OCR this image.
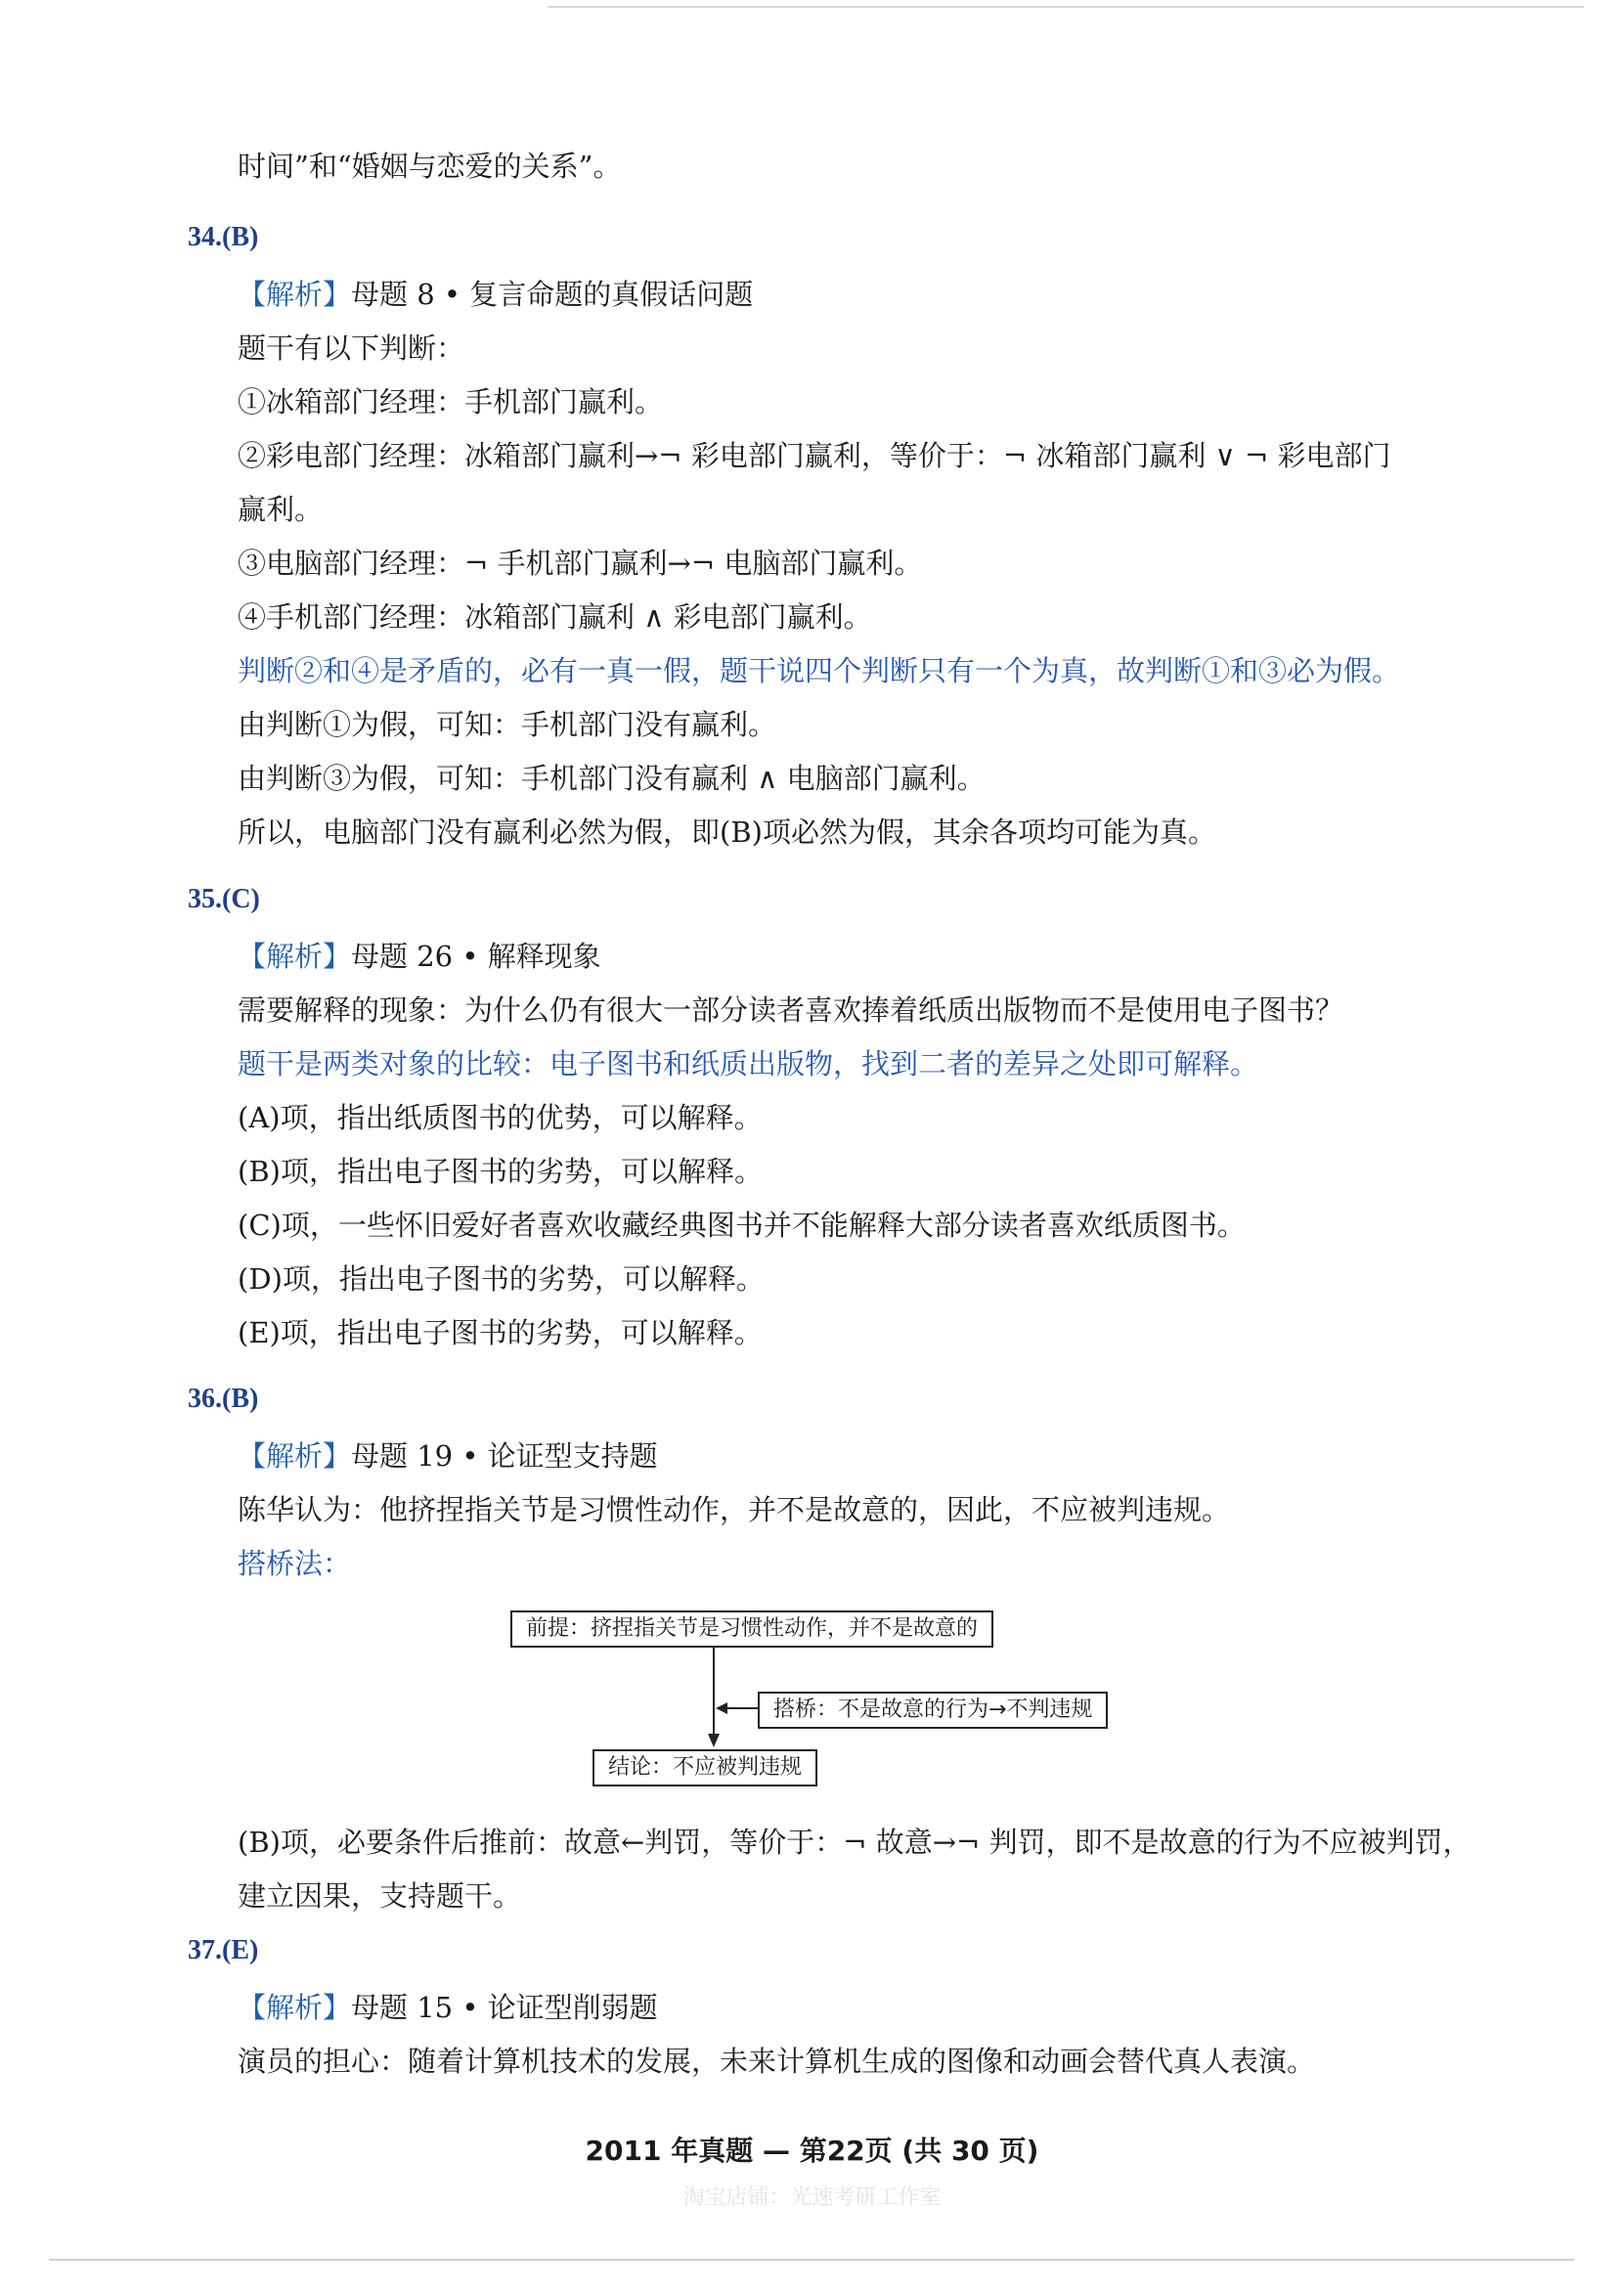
时间”和“婚姻与恋爱的关系”。
34.(B)
【解析】母题 8 • 复言命题的真假话问题
题干有以下判断：
①冰箱部门经理：手机部门赢利。
②彩电部门经理：冰箱部门赢利→¬ 彩电部门赢利，等价于：¬ 冰箱部门赢利 ∨ ¬ 彩电部门
赢利。
③电脑部门经理：¬ 手机部门赢利→¬ 电脑部门赢利。
④手机部门经理：冰箱部门赢利 ∧ 彩电部门赢利。
判断②和④是矛盾的，必有一真一假，题干说四个判断只有一个为真，故判断①和③必为假。
由判断①为假，可知：手机部门没有赢利。
由判断③为假，可知：手机部门没有赢利 ∧ 电脑部门赢利。
所以，电脑部门没有赢利必然为假，即(B)项必然为假，其余各项均可能为真。
35.(C)
【解析】母题 26 • 解释现象
需要解释的现象：为什么仍有很大一部分读者喜欢捧着纸质出版物而不是使用电子图书？
题干是两类对象的比较：电子图书和纸质出版物，找到二者的差异之处即可解释。
(A)项，指出纸质图书的优势，可以解释。
(B)项，指出电子图书的劣势，可以解释。
(C)项，一些怀旧爱好者喜欢收藏经典图书并不能解释大部分读者喜欢纸质图书。
(D)项，指出电子图书的劣势，可以解释。
(E)项，指出电子图书的劣势，可以解释。
36.(B)
【解析】母题 19 • 论证型支持题
陈华认为：他挤捏指关节是习惯性动作，并不是故意的，因此，不应被判违规。
搭桥法：
前提：挤捏指关节是习惯性动作，并不是故意的
搭桥：不是故意的行为→不判违规
结论：不应被判违规
(B)项，必要条件后推前：故意←判罚，等价于：¬ 故意→¬ 判罚，即不是故意的行为不应被判罚，
建立因果，支持题干。
37.(E)
【解析】母题 15 • 论证型削弱题
演员的担心：随着计算机技术的发展，未来计算机生成的图像和动画会替代真人表演。
2011 年真题 — 第22页 (共 30 页)
淘宝店铺：光速考研工作室
